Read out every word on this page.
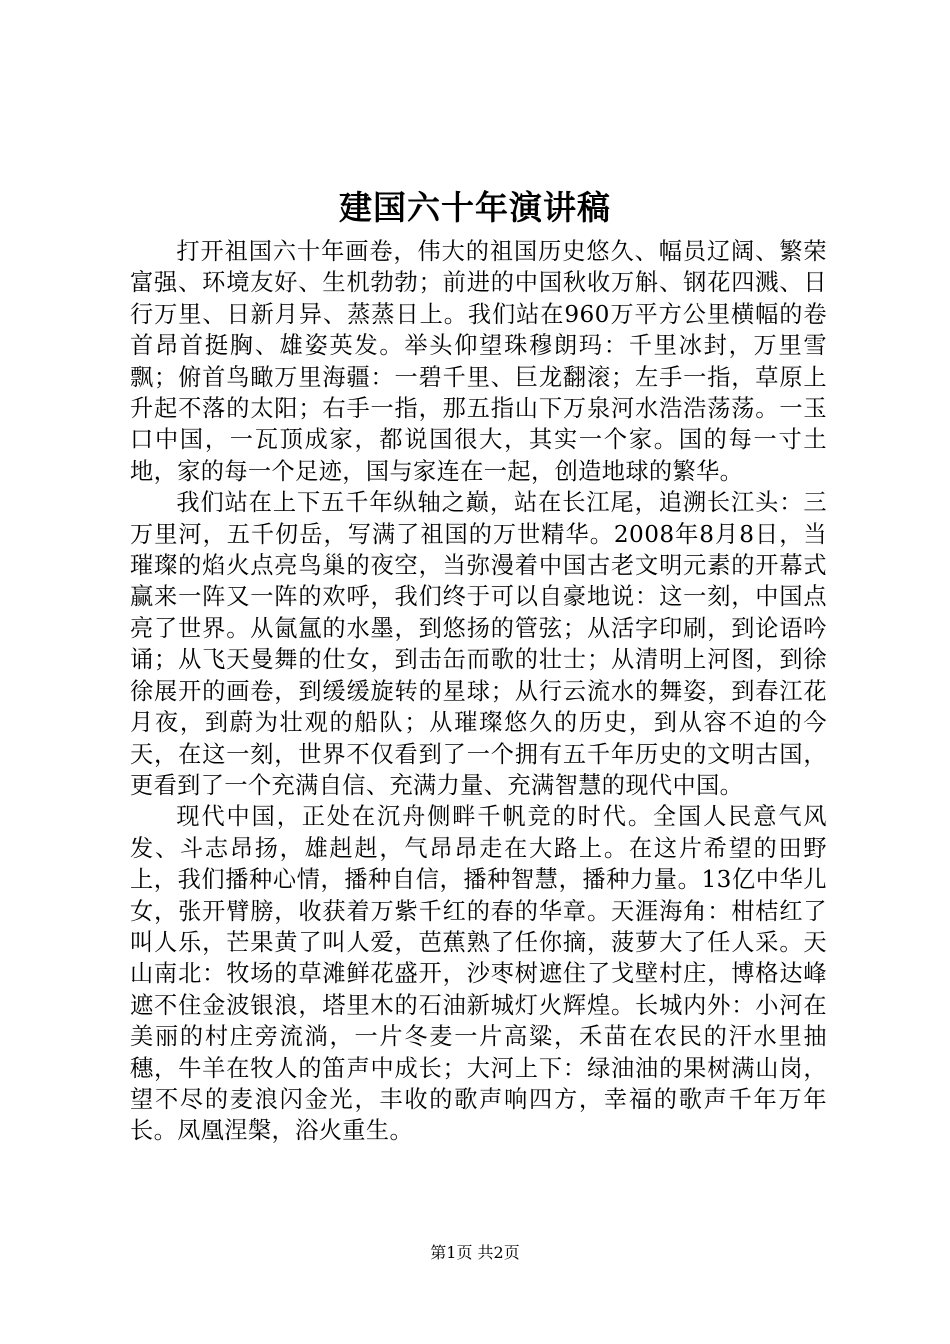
建国六十年演讲稿

打开祖国六十年画卷，伟大的祖国历史悠久、幅员辽阔、繁荣富强、环境友好、生机勃勃；前进的中国秋收万斛、钢花四溅、日行万里、日新月异、蒸蒸日上。我们站在960万平方公里横幅的卷首昂首挺胸、雄姿英发。举头仰望珠穆朗玛：千里冰封，万里雪飘；俯首鸟瞰万里海疆：一碧千里、巨龙翻滚；左手一指，草原上升起不落的太阳；右手一指，那五指山下万泉河水浩浩荡荡。一玉口中国，一瓦顶成家，都说国很大，其实一个家。国的每一寸土地，家的每一个足迹，国与家连在一起，创造地球的繁华。

我们站在上下五千年纵轴之巅，站在长江尾，追溯长江头：三万里河，五千仞岳，写满了祖国的万世精华。2008年8月8日，当璀璨的焰火点亮鸟巢的夜空，当弥漫着中国古老文明元素的开幕式赢来一阵又一阵的欢呼，我们终于可以自豪地说：这一刻，中国点亮了世界。从氤氲的水墨，到悠扬的管弦；从活字印刷，到论语吟诵；从飞天曼舞的仕女，到击缶而歌的壮士；从清明上河图，到徐徐展开的画卷，到缓缓旋转的星球；从行云流水的舞姿，到春江花月夜，到蔚为壮观的船队；从璀璨悠久的历史，到从容不迫的今天，在这一刻，世界不仅看到了一个拥有五千年历史的文明古国，更看到了一个充满自信、充满力量、充满智慧的现代中国。

现代中国，正处在沉舟侧畔千帆竞的时代。全国人民意气风发、斗志昂扬，雄赳赳，气昂昂走在大路上。在这片希望的田野上，我们播种心情，播种自信，播种智慧，播种力量。13亿中华儿女，张开臂膀，收获着万紫千红的春的华章。天涯海角：柑桔红了叫人乐，芒果黄了叫人爱，芭蕉熟了任你摘，菠萝大了任人采。天山南北：牧场的草滩鲜花盛开，沙枣树遮住了戈壁村庄，博格达峰遮不住金波银浪，塔里木的石油新城灯火辉煌。长城内外：小河在美丽的村庄旁流淌，一片冬麦一片高粱，禾苗在农民的汗水里抽穗，牛羊在牧人的笛声中成长；大河上下：绿油油的果树满山岗，望不尽的麦浪闪金光，丰收的歌声响四方，幸福的歌声千年万年长。凤凰涅槃，浴火重生。

第1页 共2页
